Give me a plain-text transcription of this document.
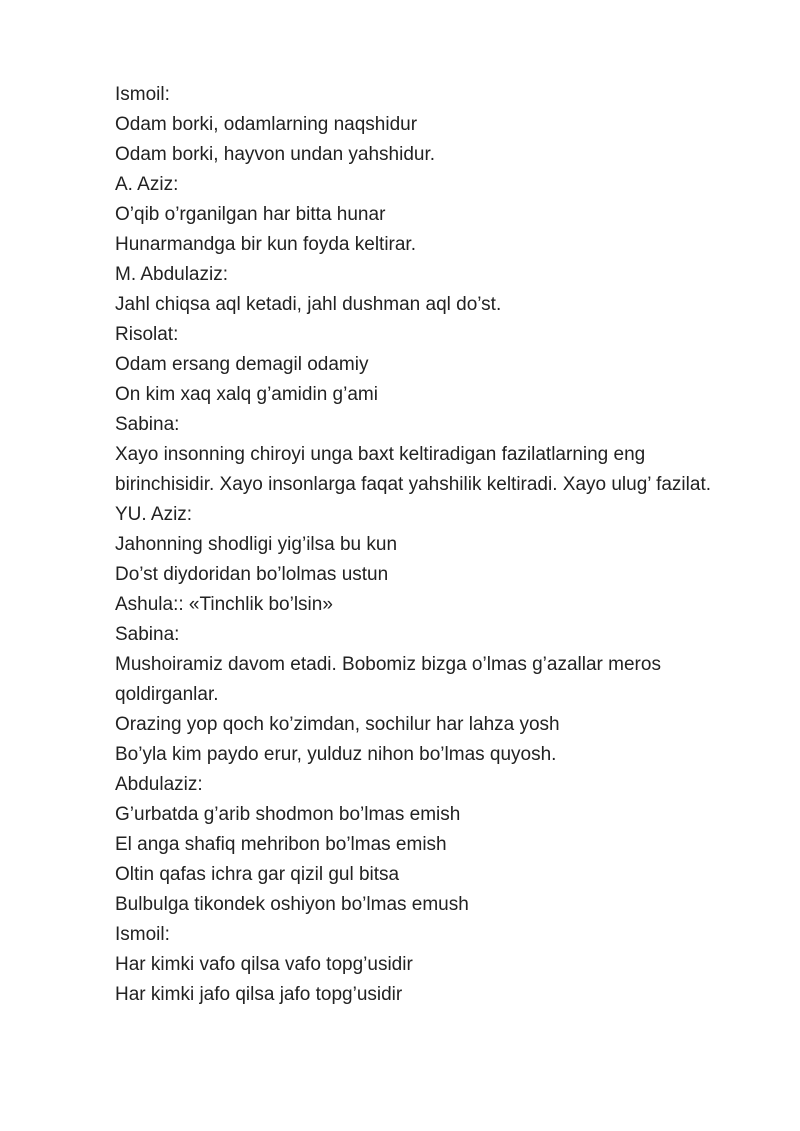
Ismoil:

Odam borki, odamlarning naqshidur

Odam borki, hayvon undan yahshidur.

A. Aziz:

O’qib o’rganilgan har bitta hunar

Hunarmandga bir kun foyda keltirar.

M. Abdulaziz:

Jahl chiqsa aql ketadi, jahl dushman aql do’st.

Risolat:

Odam ersang demagil odamiy

On kim xaq xalq g’amidin g’ami

Sabina:

Xayo insonning chiroyi unga baxt keltiradigan fazilatlarning eng birinchisidir. Xayo insonlarga faqat yahshilik keltiradi. Xayo ulug’ fazilat.

YU. Aziz:

Jahonning shodligi yig’ilsa bu kun

Do’st diydoridan bo’lolmas ustun

Ashula:: «Tinchlik bo’lsin»

Sabina:

Mushoiramiz davom etadi. Bobomiz bizga o’lmas g’azallar meros qoldirganlar.

Orazing yop qoch ko’zimdan, sochilur har lahza yosh

Bo’yla kim paydo erur, yulduz nihon bo’lmas quyosh.

Abdulaziz:

G’urbatda g’arib shodmon bo’lmas emish

El anga shafiq mehribon bo’lmas emish

Oltin qafas ichra gar qizil gul bitsa

Bulbulga tikondek oshiyon bo’lmas emush

Ismoil:

Har kimki vafo qilsa vafo topg’usidir

Har kimki jafo qilsa jafo topg’usidir
